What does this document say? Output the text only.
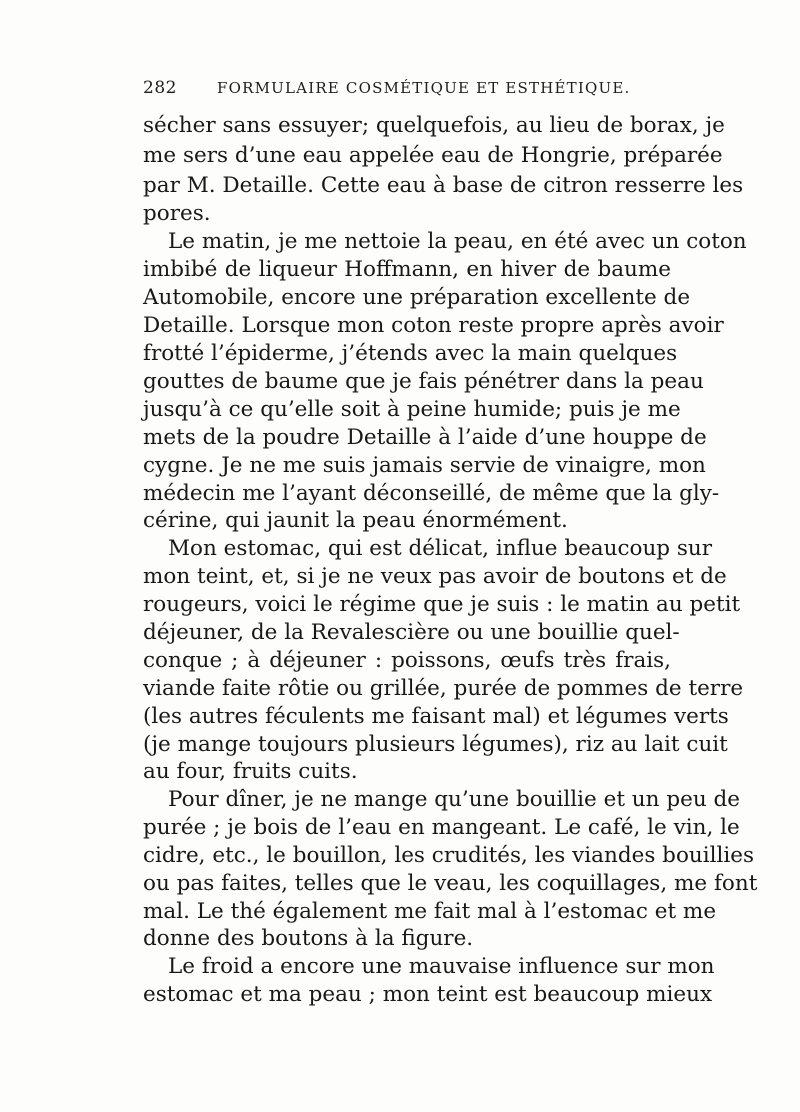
282	FORMULAIRE COSMÉTIQUE ET ESTHÉTIQUE.
sécher sans essuyer; quelquefois, au lieu de borax, je
me sers d’une eau appelée eau de Hongrie, préparée
par M. Detaille. Cette eau à base de citron resserre les
pores.
Le matin, je me nettoie la peau, en été avec un coton
imbibé de liqueur Hoffmann, en hiver de baume
Automobile, encore une préparation excellente de
Detaille. Lorsque mon coton reste propre après avoir
frotté l’épiderme, j’étends avec la main quelques
gouttes de baume que je fais pénétrer dans la peau
jusqu’à ce qu’elle soit à peine humide; puis je me
mets de la poudre Detaille à l’aide d’une houppe de
cygne. Je ne me suis jamais servie de vinaigre, mon
médecin me l’ayant déconseillé, de même que la gly-
cérine, qui jaunit la peau énormément.
Mon estomac, qui est délicat, influe beaucoup sur
mon teint, et, si je ne veux pas avoir de boutons et de
rougeurs, voici le régime que je suis : le matin au petit
déjeuner, de la Revalescière ou une bouillie quel-
conque ; à déjeuner : poissons, œufs très frais,
viande faite rôtie ou grillée, purée de pommes de terre
(les autres féculents me faisant mal) et légumes verts
(je mange toujours plusieurs légumes), riz au lait cuit
au four, fruits cuits.
Pour dîner, je ne mange qu’une bouillie et un peu de
purée ; je bois de l’eau en mangeant. Le café, le vin, le
cidre, etc., le bouillon, les crudités, les viandes bouillies
ou pas faites, telles que le veau, les coquillages, me font
mal. Le thé également me fait mal à l’estomac et me
donne des boutons à la figure.
Le froid a encore une mauvaise influence sur mon
estomac et ma peau ; mon teint est beaucoup mieux
